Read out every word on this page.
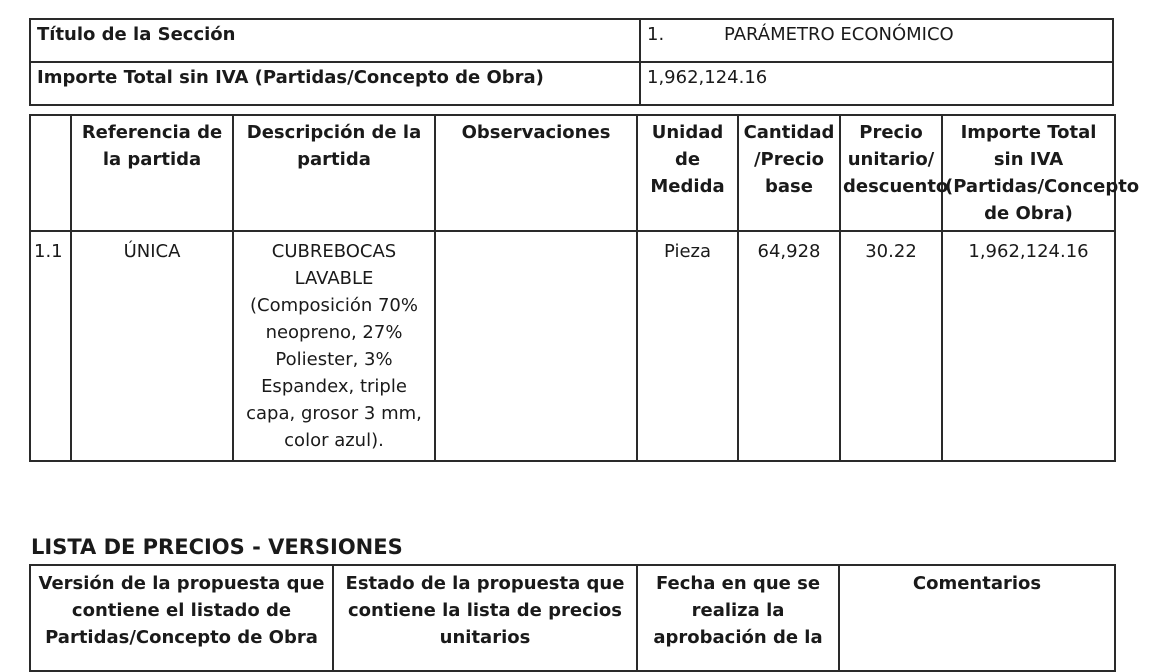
Título de la Sección	1. PARÁMETRO ECONÓMICO
Importe Total sin IVA (Partidas/Concepto de Obra)	1,962,124.16
	Referencia de la partida	Descripción de la partida	Observaciones	Unidad de Medida	Cantidad /Precio base	Precio unitario/ descuento	Importe Total sin IVA (Partidas/Concepto de Obra)
1.1	ÚNICA	CUBREBOCAS LAVABLE (Composición 70% neopreno, 27% Poliester, 3% Espandex, triple capa, grosor 3 mm, color azul).		Pieza	64,928	30.22	1,962,124.16
LISTA DE PRECIOS - VERSIONES
Versión de la propuesta que contiene el listado de Partidas/Concepto de Obra	Estado de la propuesta que contiene la lista de precios unitarios	Fecha en que se realiza la aprobación de la	Comentarios
